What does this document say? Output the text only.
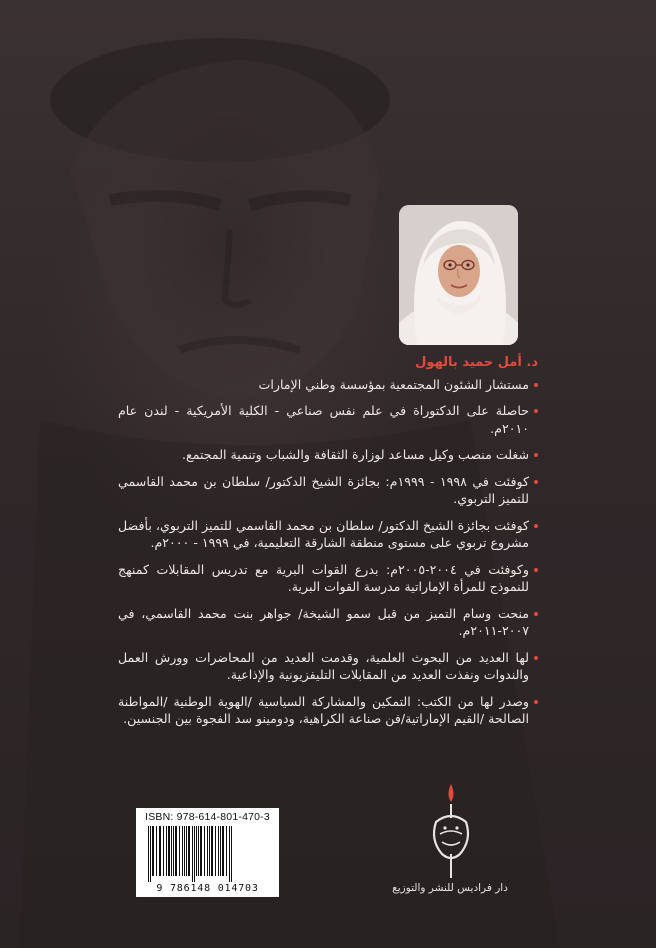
د. أمل حميد بالهول
مستشار الشئون المجتمعية بمؤسسة وطني الإمارات
حاصلة على الدكتوراة في علم نفس صناعي - الكلية الأمريكية - لندن عام ٢٠١٠م.
شغلت منصب وكيل مساعد لوزارة الثقافة والشباب وتنمية المجتمع.
كوفئت في ١٩٩٨ - ١٩٩٩م: بجائزة الشيخ الدكتور/ سلطان بن محمد القاسمي للتميز التربوي.
كوفئت بجائزة الشيخ الدكتور/ سلطان بن محمد القاسمي للتميز التربوي، بأفضل مشروع تربوي على مستوى منطقة الشارقة التعليمية، في ١٩٩٩ - ٢٠٠٠م.
وكوفئت في ٢٠٠٤-٢٠٠٥م: بدرع القوات البرية مع تدريس المقابلات كمنهج للنموذج للمرأة الإماراتية مدرسة القوات البرية.
منحت وسام التميز من قبل سمو الشيخة/ جواهر بنت محمد القاسمي، في ٢٠٠٧-٢٠١١م.
لها العديد من البحوث العلمية، وقدمت العديد من المحاضرات وورش العمل والندوات ونفذت العديد من المقابلات التليفزيونية والإذاعية.
وصدر لها من الكتب: التمكين والمشاركة السياسية /الهوية الوطنية /المواطنة الصالحة /القيم الإماراتية/فن صناعة الكراهية، ودومينو سد الفجوة بين الجنسين.
ISBN: 978-614-801-470-3
9 786148 014703	دار فراديس للنشر والتوزيع
